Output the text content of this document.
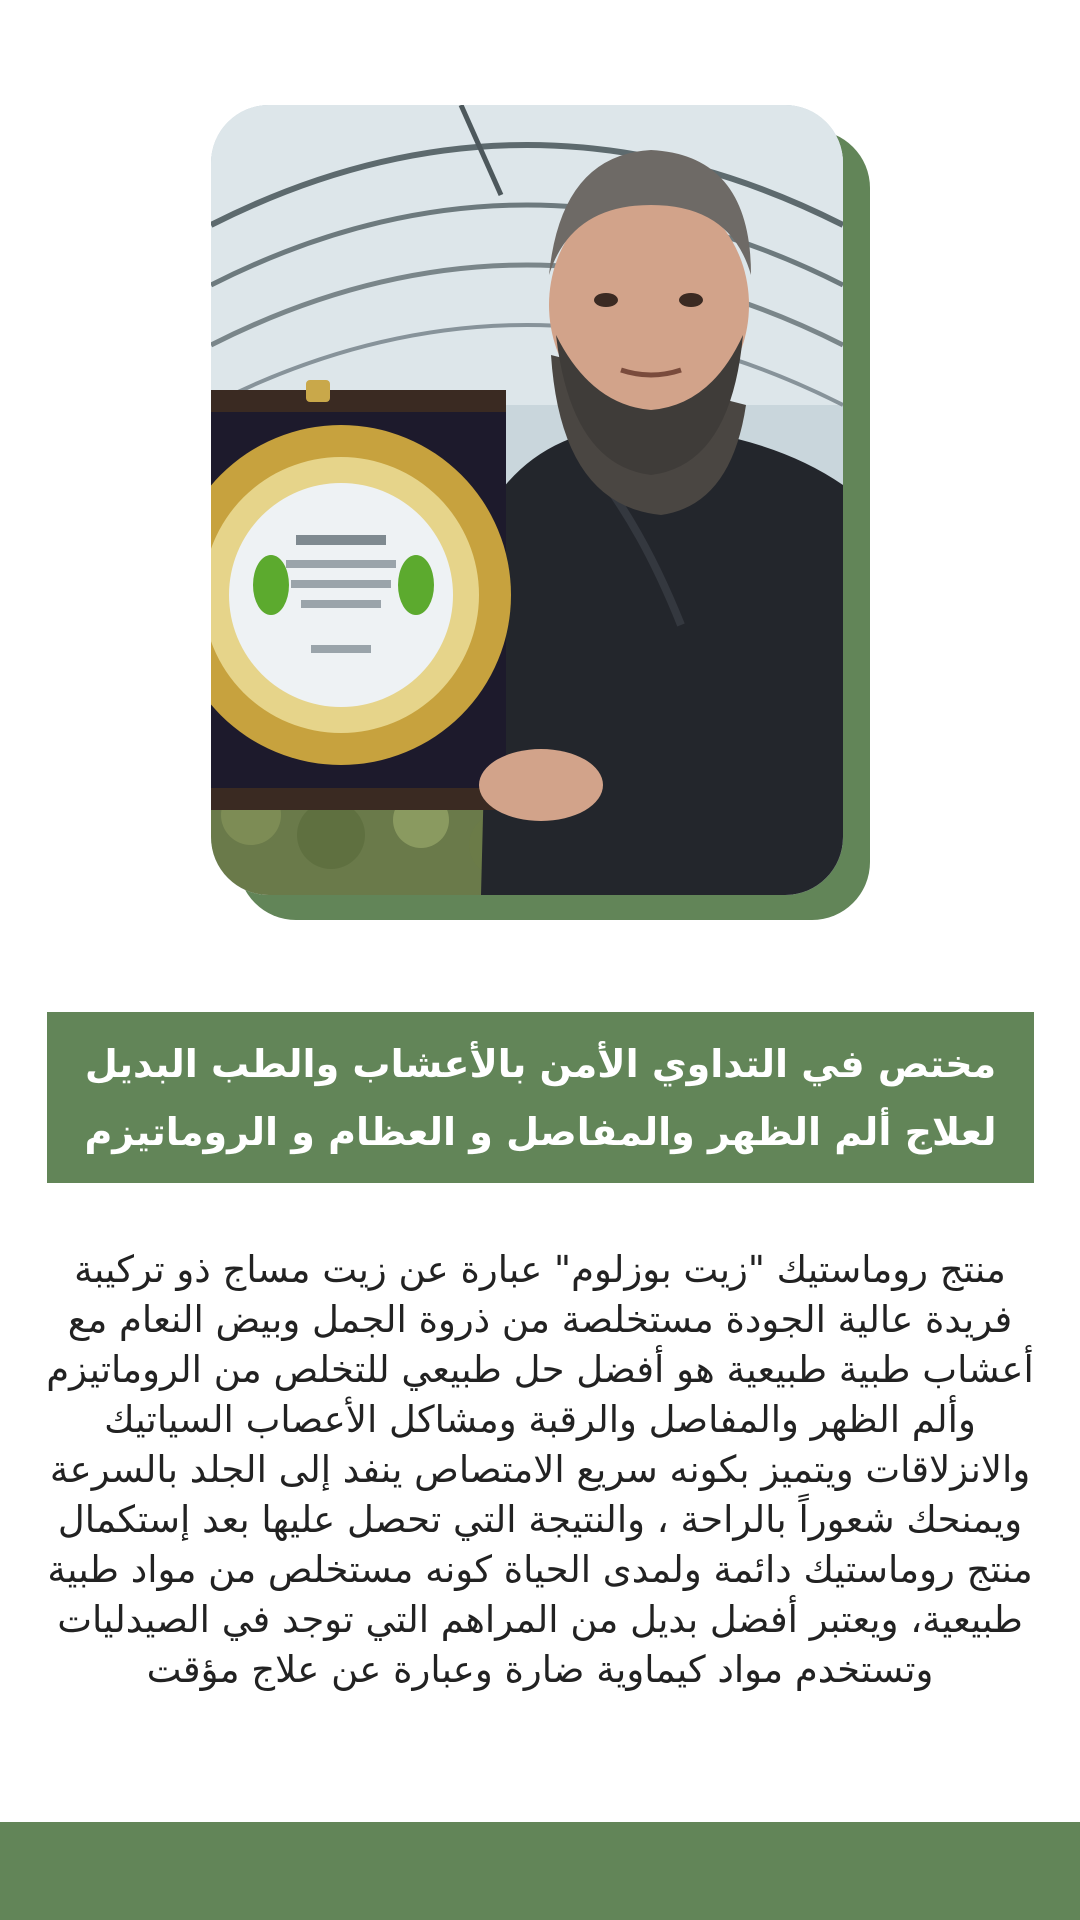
مختص في التداوي الأمن بالأعشاب والطب البديل لعلاج ألم الظهر والمفاصل و العظام و الروماتيزم

منتج روماستيك "زيت بوزلوم" عبارة عن زيت مساج ذو تركيبة فريدة عالية الجودة مستخلصة من ذروة الجمل وبيض النعام مع أعشاب طبية طبيعية هو أفضل حل طبيعي للتخلص من الروماتيزم وألم الظهر والمفاصل والرقبة ومشاكل الأعصاب السياتيك والانزلاقات ويتميز بكونه سريع الامتصاص ينفد إلى الجلد بالسرعة ويمنحك شعوراً بالراحة ، والنتيجة التي تحصل عليها بعد إستكمال منتج روماستيك دائمة ولمدى الحياة كونه مستخلص من مواد طبية طبيعية، ويعتبر أفضل بديل من المراهم التي توجد في الصيدليات وتستخدم مواد كيماوية ضارة وعبارة عن علاج مؤقت
